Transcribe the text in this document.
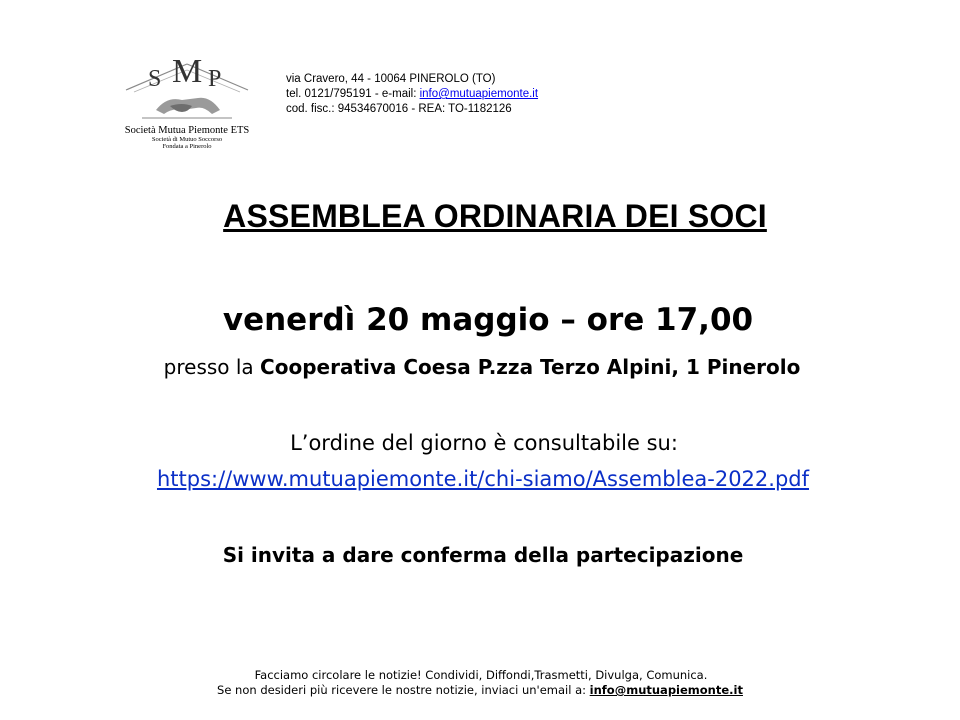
S M P
Società Mutua Piemonte ETS
Società di Mutuo Soccorso
Fondata a Pinerolo
via Cravero, 44 - 10064 PINEROLO (TO)
tel. 0121/795191 - e-mail: info@mutuapiemonte.it
cod. fisc.: 94534670016 - REA: TO-1182126
ASSEMBLEA ORDINARIA DEI SOCI
venerdì 20 maggio – ore 17,00
presso la Cooperativa Coesa P.zza Terzo Alpini, 1 Pinerolo
L’ordine del giorno è consultabile su:
https://www.mutuapiemonte.it/chi-siamo/Assemblea-2022.pdf
Si invita a dare conferma della partecipazione
Facciamo circolare le notizie! Condividi, Diffondi,Trasmetti, Divulga, Comunica.
Se non desideri più ricevere le nostre notizie, inviaci un'email a: info@mutuapiemonte.it
